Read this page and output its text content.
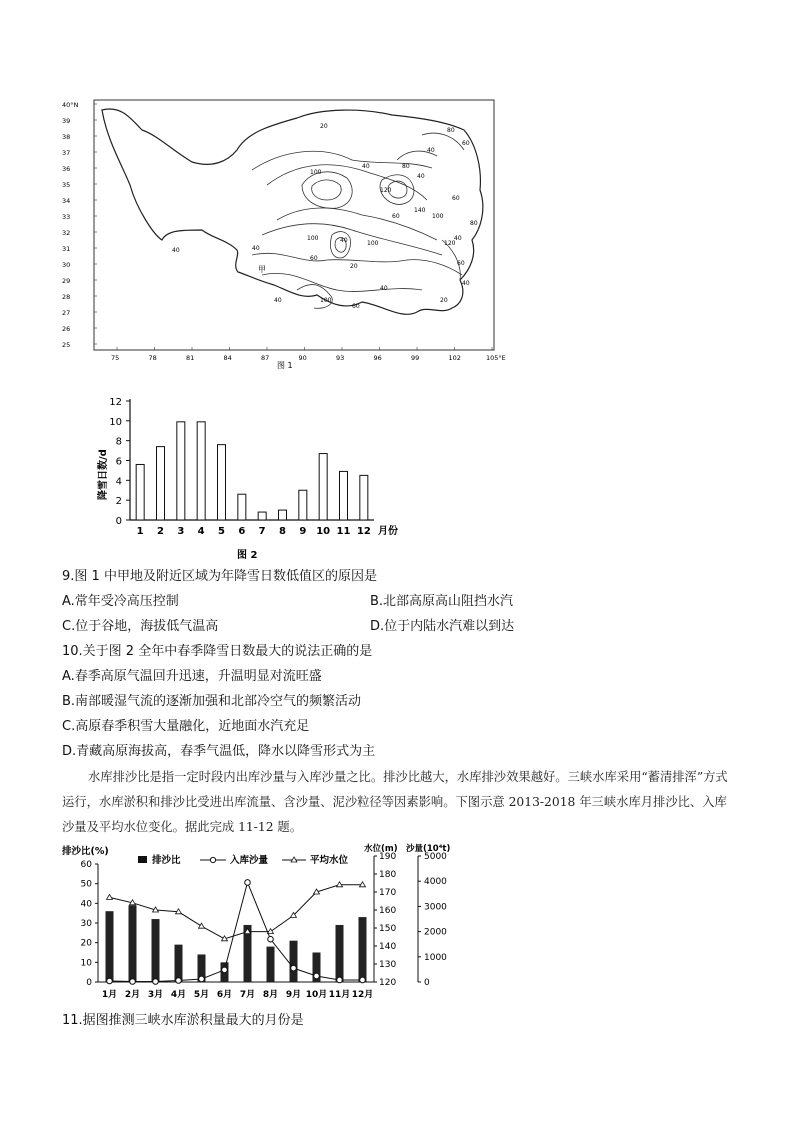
40°N
39
38
37
36
35
34
33
32
31
30
29
28
27
26
25
75	78	81	84	87	90	93	96	99	102	105°E
20
80
60
40
40
100
80
40
120
60
140
100
80
40
60
100
100
40
60
120
40
20	60
40
40
20
100
60
40
40
甲
图 1
降雪日数/d
图 2
0
2
4
6
8
10
12
1 2 3 4 5 6 7 8 9 10 11 12 月份
9.图 1 中甲地及附近区域为年降雪日数低值区的原因是
A.常年受冷高压控制	B.北部高原高山阻挡水汽
C.位于谷地，海拔低气温高	D.位于内陆水汽难以到达
10.关于图 2 全年中春季降雪日数最大的说法正确的是
A.春季高原气温回升迅速，升温明显对流旺盛
B.南部暖湿气流的逐渐加强和北部冷空气的频繁活动
C.高原春季积雪大量融化，近地面水汽充足
D.青藏高原海拔高，春季气温低，降水以降雪形式为主

水库排沙比是指一定时段内出库沙量与入库沙量之比。排沙比越大，水库排沙效果越好。三峡水库采用“蓄清排浑”方式运行，水库淤积和排沙比受进出库流量、含沙量、泥沙粒径等因素影响。下图示意 2013-2018 年三峡水库月排沙比、入库沙量及平均水位变化。据此完成 11-12 题。

排沙比(%)	水位(m) 沙量(10⁴t)
0
10
20
30
40
50
60
120
130
140
150
160
170
180
190
0
1000
2000
3000
4000
5000
排沙比	入库沙量	平均水位
1月 2月 3月 4月 5月 6月 7月 8月 9月 10月 11月 12月
11.据图推测三峡水库淤积量最大的月份是
